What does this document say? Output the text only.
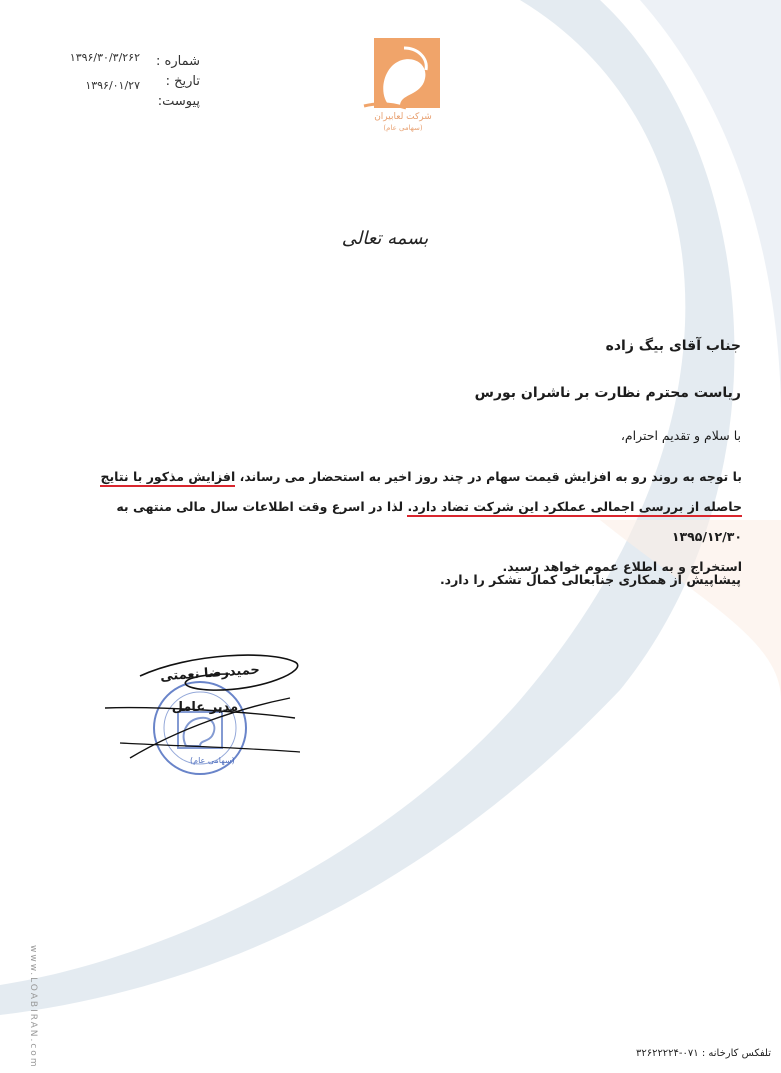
شماره :
تاریخ :
پیوست:
۱۳۹۶/۳۰/۳/۲۶۲
۱۳۹۶/۰۱/۲۷
شرکت لعابیران
(سهامی عام)
بسمه تعالی
جناب آقای بیگ زاده
ریاست محترم نظارت بر ناشران بورس
با سلام و تقدیم احترام،

با توجه به روند رو به افزایش قیمت سهام در چند روز اخیر به استحضار می رساند، افزایش مذکور با نتایج

حاصله از بررسی اجمالی عملکرد این شرکت تضاد دارد. لذا در اسرع وقت اطلاعات سال مالی منتهی به ۱۳۹۵/۱۲/۳۰

استخراج و به اطلاع عموم خواهد رسید.

پیشاپیش از همکاری جنابعالی کمال تشکر را دارد.
حمیدرضا نعمتی
مدیر عامل
(سهامی عام)
www.LOABIRAN.com	تلفکس کارخانه : ۰۷۱-۳۲۶۲۲۲۲۴
